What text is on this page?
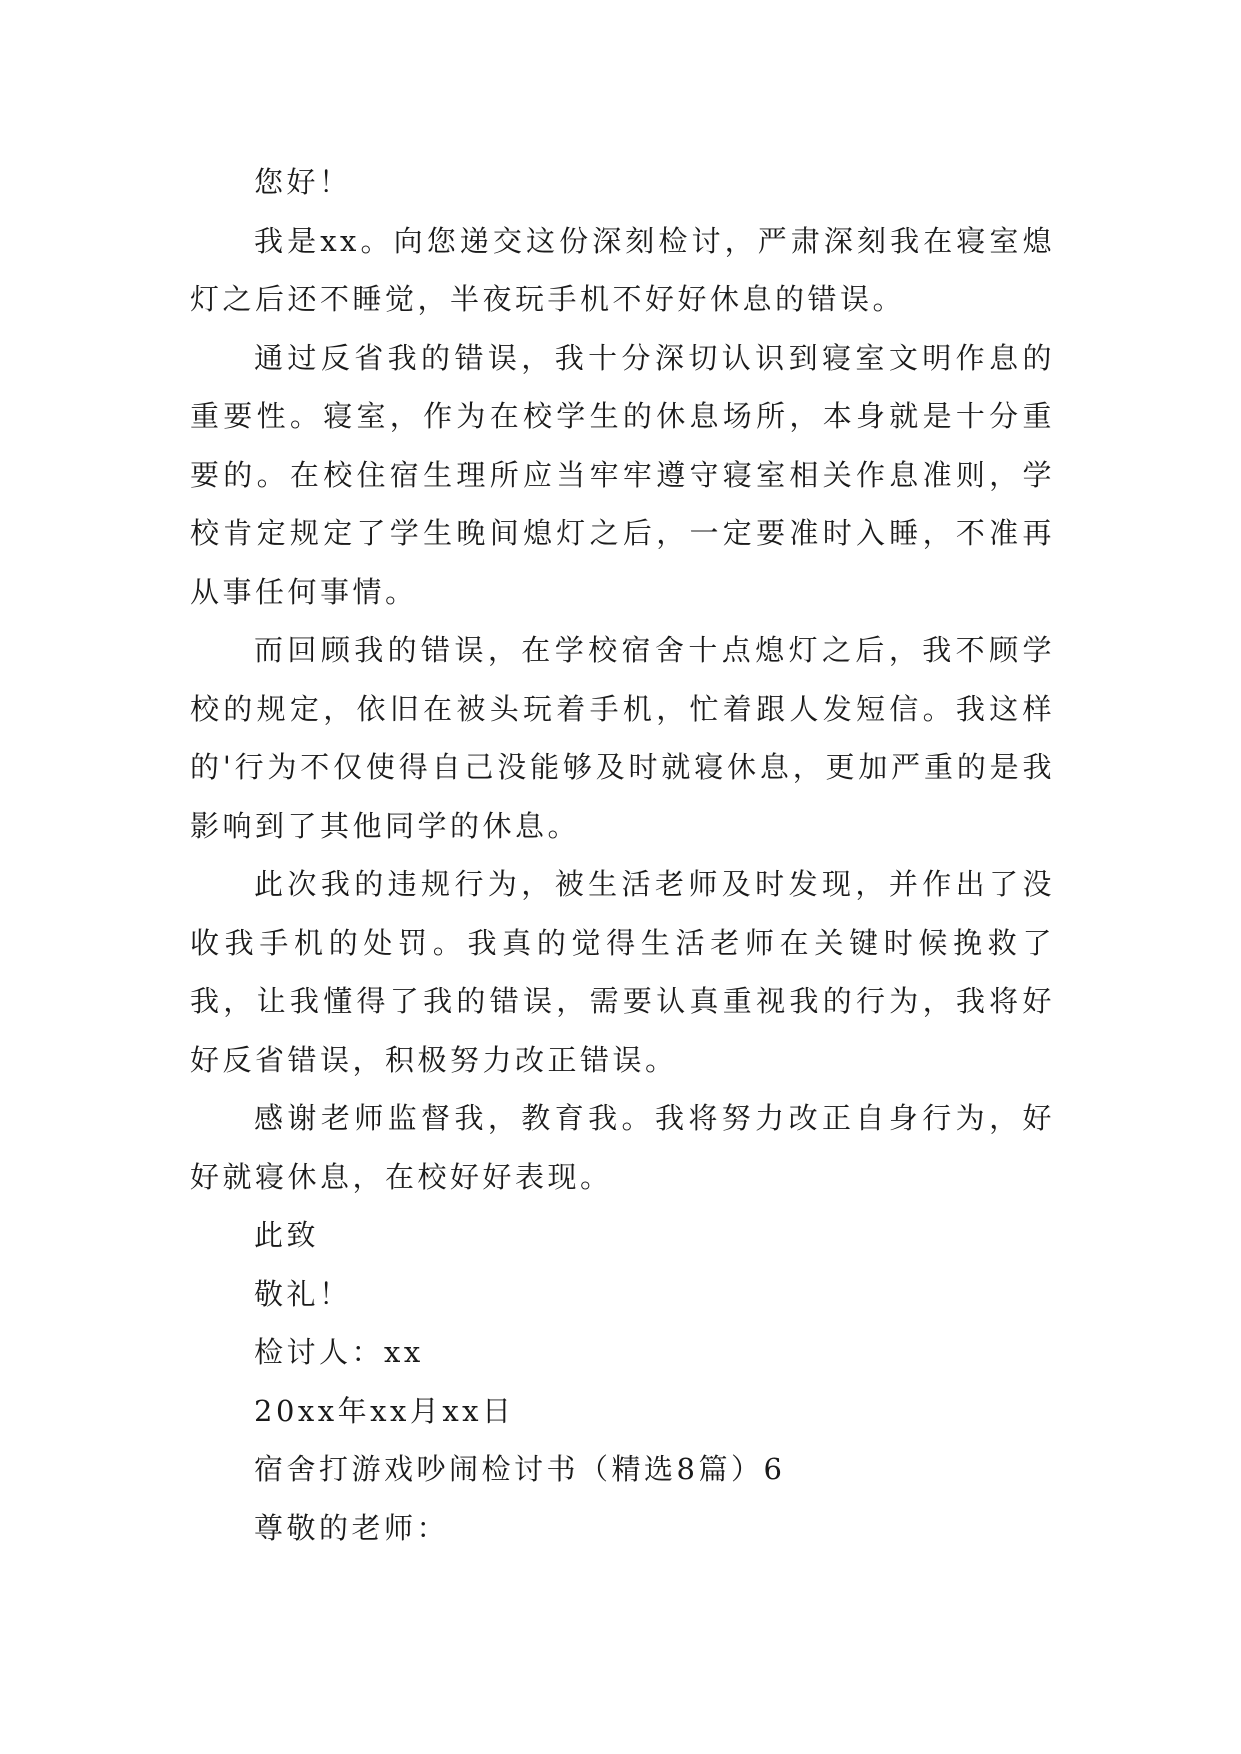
您好！

我是xx。向您递交这份深刻检讨，严肃深刻我在寝室熄灯之后还不睡觉，半夜玩手机不好好休息的错误。

通过反省我的错误，我十分深切认识到寝室文明作息的重要性。寝室，作为在校学生的休息场所，本身就是十分重要的。在校住宿生理所应当牢牢遵守寝室相关作息准则，学校肯定规定了学生晚间熄灯之后，一定要准时入睡，不准再从事任何事情。

而回顾我的错误，在学校宿舍十点熄灯之后，我不顾学校的规定，依旧在被头玩着手机，忙着跟人发短信。我这样的'行为不仅使得自己没能够及时就寝休息，更加严重的是我影响到了其他同学的休息。

此次我的违规行为，被生活老师及时发现，并作出了没收我手机的处罚。我真的觉得生活老师在关键时候挽救了我，让我懂得了我的错误，需要认真重视我的行为，我将好好反省错误，积极努力改正错误。

感谢老师监督我，教育我。我将努力改正自身行为，好好就寝休息，在校好好表现。

此致

敬礼！

检讨人：xx

20xx年xx月xx日

宿舍打游戏吵闹检讨书（精选8篇）6

尊敬的老师：
